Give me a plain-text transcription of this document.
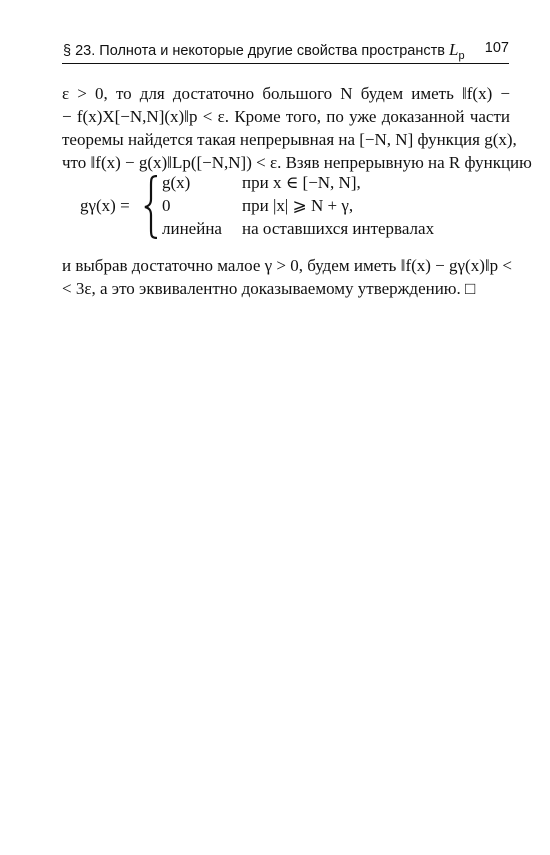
§ 23. Полнота и некоторые другие свойства пространств $L_p$ 107
ε > 0, то для достаточно большого N будем иметь ‖f(x) −
− f(x)X[−N,N](x)‖p < ε. Кроме того, по уже доказанной части
теоремы найдется такая непрерывная на [−N, N] функция g(x),
что ‖f(x) − g(x)‖Lp([−N,N]) < ε. Взяв непрерывную на R функцию
gγ(x) =
g(x)	при x ∈ [−N, N],
0	при |x| ⩾ N + γ,
линейна на оставшихся интервалах
и выбрав достаточно малое γ > 0, будем иметь ‖f(x) − gγ(x)‖p <
< 3ε, а это эквивалентно доказываемому утверждению. □
